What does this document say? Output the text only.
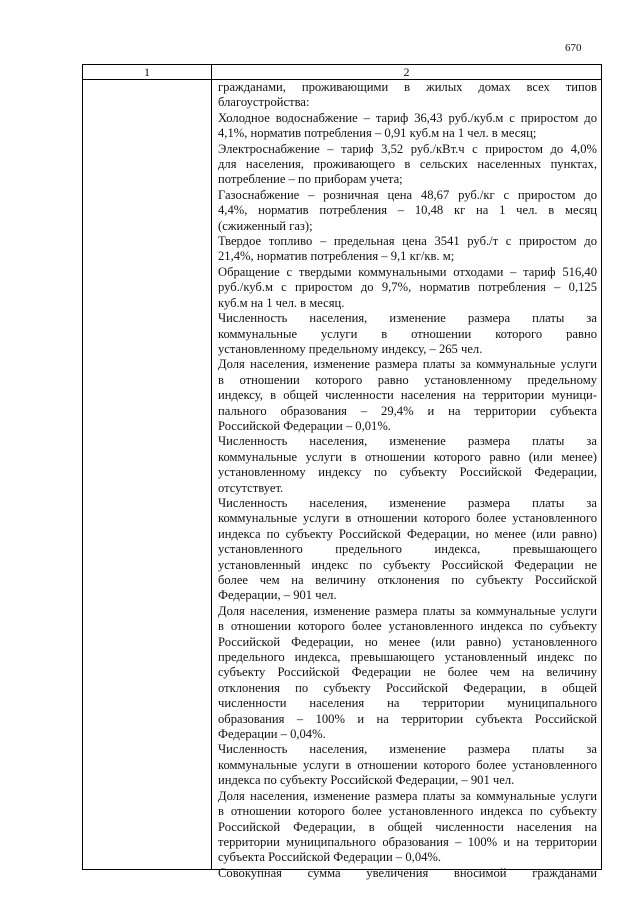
670
1	2
гражданами, проживающими в жилых домах всех типов
благоустройства:
Холодное водоснабжение – тариф 36,43 руб./куб.м с приростом до
4,1%, норматив потребления – 0,91 куб.м на 1 чел. в месяц;
Электроснабжение – тариф 3,52 руб./кВт.ч с приростом до 4,0%
для населения, проживающего в сельских населенных пунктах,
потребление – по приборам учета;
Газоснабжение – розничная цена 48,67 руб./кг с приростом до
4,4%, норматив потребления – 10,48 кг на 1 чел. в месяц
(сжиженный газ);
Твердое топливо – предельная цена 3541 руб./т с приростом до
21,4%, норматив потребления – 9,1 кг/кв. м;
Обращение с твердыми коммунальными отходами – тариф 516,40
руб./куб.м с приростом до 9,7%, норматив потребления – 0,125
куб.м на 1 чел. в месяц.
Численность населения, изменение размера платы за
коммунальные услуги в отношении которого равно
установленному предельному индексу, – 265 чел.
Доля населения, изменение размера платы за коммунальные услуги
в отношении которого равно установленному предельному
индексу, в общей численности населения на территории муници-
пального образования – 29,4% и на территории субъекта
Российской Федерации – 0,01%.
Численность населения, изменение размера платы за
коммунальные услуги в отношении которого равно (или менее)
установленному индексу по субъекту Российской Федерации,
отсутствует.
Численность населения, изменение размера платы за
коммунальные услуги в отношении которого более установленного
индекса по субъекту Российской Федерации, но менее (или равно)
установленного предельного индекса, превышающего
установленный индекс по субъекту Российской Федерации не
более чем на величину отклонения по субъекту Российской
Федерации, – 901 чел.
Доля населения, изменение размера платы за коммунальные услуги
в отношении которого более установленного индекса по субъекту
Российской Федерации, но менее (или равно) установленного
предельного индекса, превышающего установленный индекс по
субъекту Российской Федерации не более чем на величину
отклонения по субъекту Российской Федерации, в общей
численности населения на территории муниципального
образования – 100% и на территории субъекта Российской
Федерации – 0,04%.
Численность населения, изменение размера платы за
коммунальные услуги в отношении которого более установленного
индекса по субъекту Российской Федерации, – 901 чел.
Доля населения, изменение размера платы за коммунальные услуги
в отношении которого более установленного индекса по субъекту
Российской Федерации, в общей численности населения на
территории муниципального образования – 100% и на территории
субъекта Российской Федерации – 0,04%.
Совокупная сумма увеличения вносимой гражданами
